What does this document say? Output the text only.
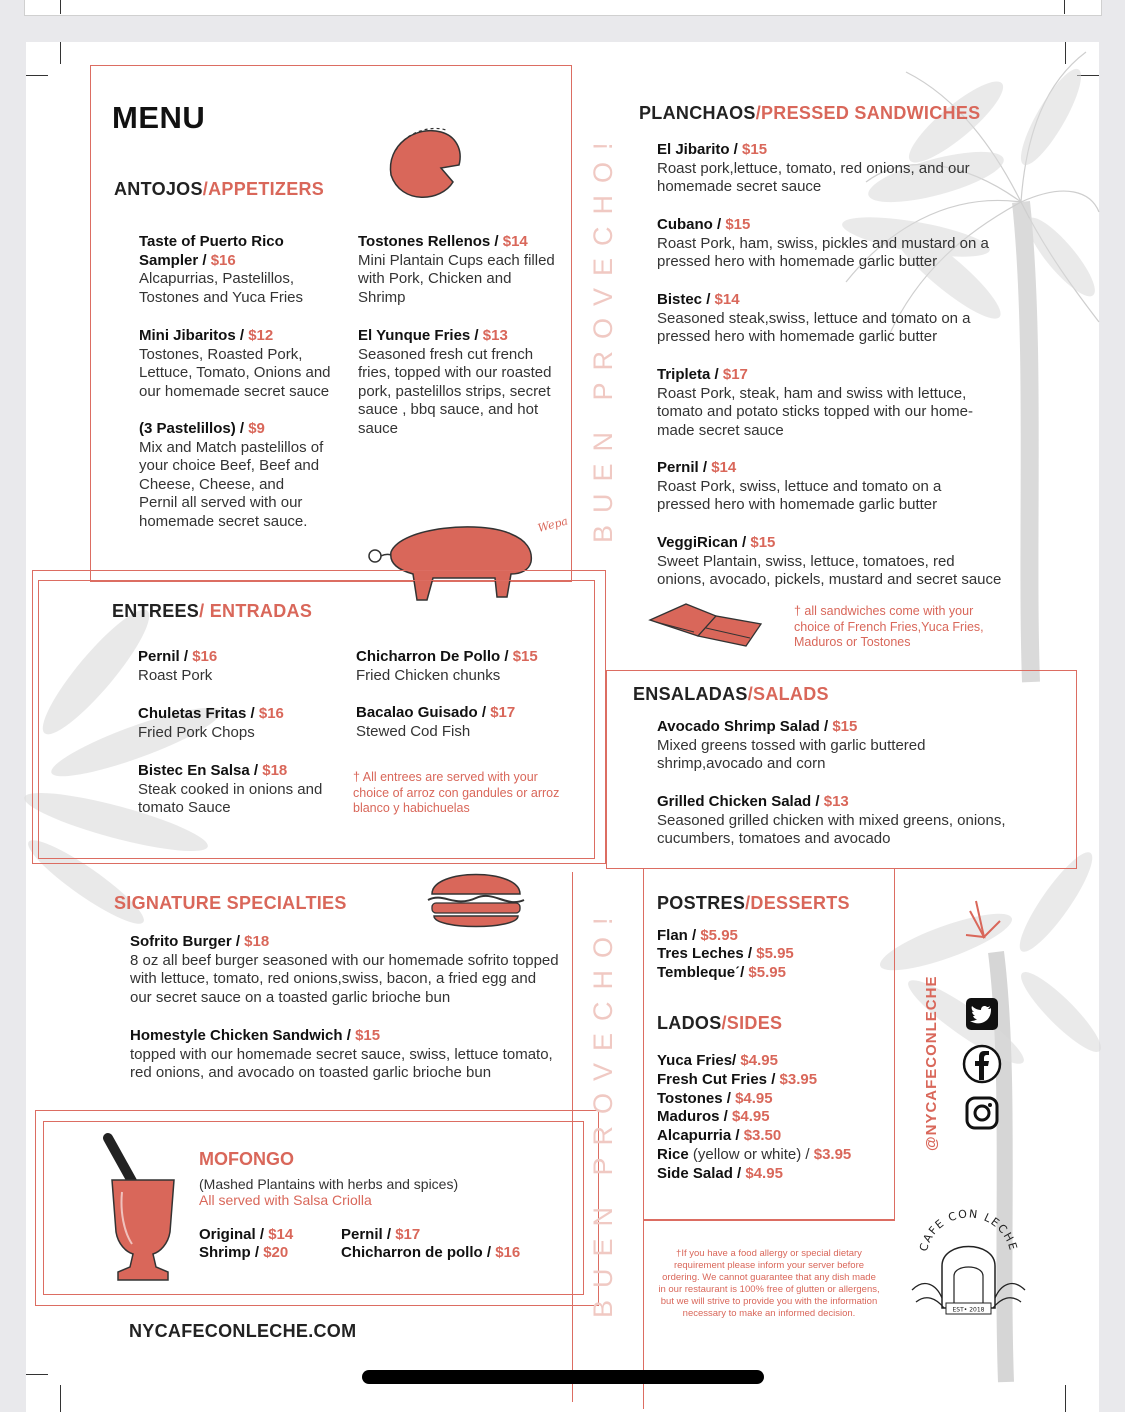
MENU
ANTOJOS/APPETIZERS
Taste of Puerto Rico Sampler / $16
Alcapurrias, Pastelillos, Tostones and Yuca Fries
Mini Jibaritos / $12
Tostones, Roasted Pork, Lettuce, Tomato, Onions and our homemade secret sauce
(3 Pastelillos) / $9
Mix and Match pastelillos of your choice Beef, Beef and Cheese, Cheese, and Pernil all served with our homemade secret sauce.
Tostones Rellenos / $14
Mini Plantain Cups each filled with Pork, Chicken and Shrimp
El Yunque Fries / $13
Seasoned fresh cut french fries, topped with our roasted pork, pastelillos strips, secret sauce , bbq sauce, and hot sauce
Wepa
ENTREES/ ENTRADAS
Pernil / $16
Roast Pork
Chuletas Fritas / $16
Fried Pork Chops
Bistec En Salsa / $18
Steak cooked in onions and tomato Sauce
Chicharron De Pollo / $15
Fried Chicken chunks
Bacalao Guisado / $17
Stewed Cod Fish
† All entrees are served with your choice of arroz con gandules or arroz blanco y habichuelas
SIGNATURE SPECIALTIES
Sofrito Burger / $18
8 oz all beef burger seasoned with our homemade sofrito topped with lettuce, tomato, red onions,swiss, bacon, a fried egg and our secret sauce on a toasted garlic brioche bun
Homestyle Chicken Sandwich / $15
topped with our homemade secret sauce, swiss, lettuce tomato, red onions, and avocado on toasted garlic brioche bun
MOFONGO
(Mashed Plantains with herbs and spices)
All served with Salsa Criolla
Original / $14
Shrimp / $20
Pernil / $17
Chicharron de pollo / $16
NYCAFECONLECHE.COM
BUEN PROVECHO!
BUEN PROVECHO!
PLANCHAOS/PRESSED SANDWICHES
El Jibarito / $15
Roast pork,lettuce, tomato, red onions, and our homemade secret sauce
Cubano / $15
Roast Pork, ham, swiss, pickles and mustard on a pressed hero with homemade garlic butter
Bistec / $14
Seasoned steak,swiss, lettuce and tomato on a pressed hero with homemade garlic butter
Tripleta / $17
Roast Pork, steak, ham and swiss with lettuce, tomato and potato sticks topped with our home-made secret sauce
Pernil / $14
Roast Pork, swiss, lettuce and tomato on a pressed hero with homemade garlic butter
VeggiRican / $15
Sweet Plantain, swiss, lettuce, tomatoes, red onions, avocado, pickels, mustard and secret sauce
† all sandwiches come with your choice of French Fries,Yuca Fries, Maduros or Tostones
ENSALADAS/SALADS
Avocado Shrimp Salad / $15
Mixed greens tossed with garlic buttered shrimp,avocado and corn
Grilled Chicken Salad / $13
Seasoned grilled chicken with mixed greens, onions, cucumbers, tomatoes and avocado
POSTRES/DESSERTS
Flan / $5.95
Tres Leches / $5.95
Temblequeˊ/ $5.95
LADOS/SIDES
Yuca Fries/ $4.95
Fresh Cut Fries / $3.95
Tostones / $4.95
Maduros / $4.95
Alcapurria / $3.50
Rice (yellow or white) / $3.95
Side Salad / $4.95
†If you have a food allergy or special dietary requirement please inform your server before ordering. We cannot guarantee that any dish made in our restaurant is 100% free of glutten or allergens, but we will strive to provide you with the information necessary to make an informed decision.
@NYCAFECONLECHE
CAFE CON LECHE
EST• 2018
